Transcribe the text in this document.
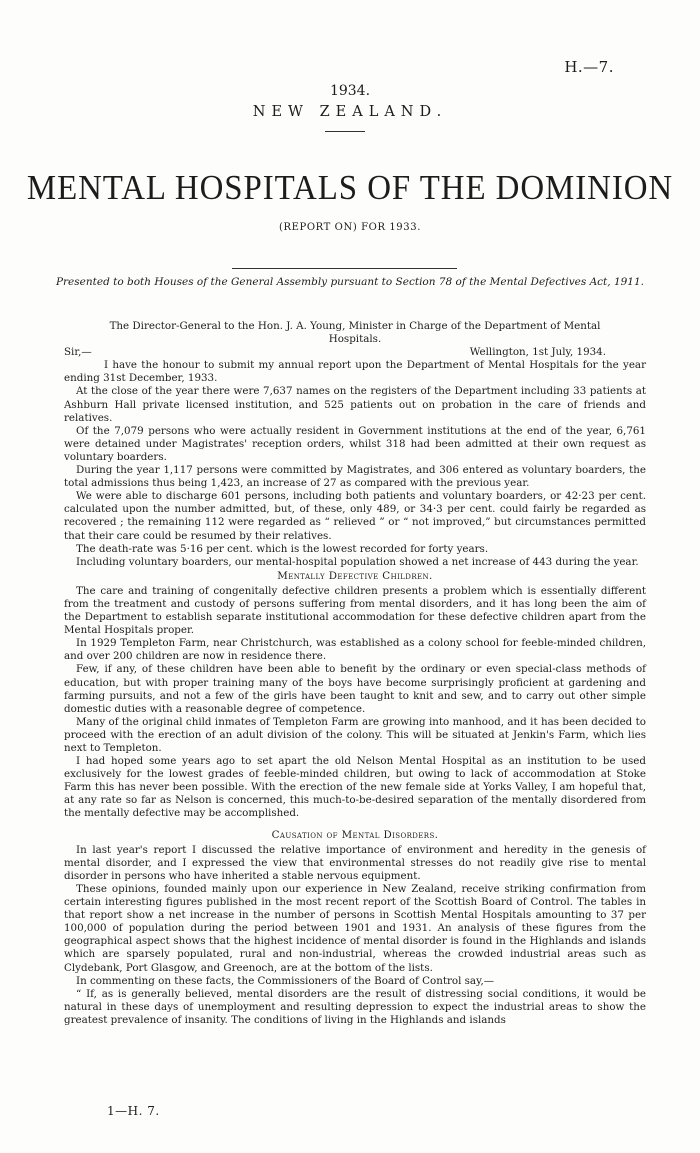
H.—7.
1934.
NEW ZEALAND.
MENTAL HOSPITALS OF THE DOMINION
(REPORT ON) FOR 1933.
Presented to both Houses of the General Assembly pursuant to Section 78 of the Mental Defectives Act, 1911.
The Director-General to the Hon. J. A. Young, Minister in Charge of the Department of Mental
Hospitals.
Sir,—	Wellington, 1st July, 1934.

I have the honour to submit my annual report upon the Department of Mental Hospitals for the year ending 31st December, 1933.

At the close of the year there were 7,637 names on the registers of the Department including 33 patients at Ashburn Hall private licensed institution, and 525 patients out on probation in the care of friends and relatives.

Of the 7,079 persons who were actually resident in Government institutions at the end of the year, 6,761 were detained under Magistrates' reception orders, whilst 318 had been admitted at their own request as voluntary boarders.

During the year 1,117 persons were committed by Magistrates, and 306 entered as voluntary boarders, the total admissions thus being 1,423, an increase of 27 as compared with the previous year.

We were able to discharge 601 persons, including both patients and voluntary boarders, or 42·23 per cent. calculated upon the number admitted, but, of these, only 489, or 34·3 per cent. could fairly be regarded as recovered ; the remaining 112 were regarded as “ relieved ” or “ not improved,” but circumstances permitted that their care could be resumed by their relatives.

The death-rate was 5·16 per cent. which is the lowest recorded for forty years.

Including voluntary boarders, our mental-hospital population showed a net increase of 443 during the year.

Mentally Defective Children.

The care and training of congenitally defective children presents a problem which is essentially different from the treatment and custody of persons suffering from mental disorders, and it has long been the aim of the Department to establish separate institutional accommodation for these defective children apart from the Mental Hospitals proper.

In 1929 Templeton Farm, near Christchurch, was established as a colony school for feeble-minded children, and over 200 children are now in residence there.

Few, if any, of these children have been able to benefit by the ordinary or even special-class methods of education, but with proper training many of the boys have become surprisingly proficient at gardening and farming pursuits, and not a few of the girls have been taught to knit and sew, and to carry out other simple domestic duties with a reasonable degree of competence.

Many of the original child inmates of Templeton Farm are growing into manhood, and it has been decided to proceed with the erection of an adult division of the colony. This will be situated at Jenkin's Farm, which lies next to Templeton.

I had hoped some years ago to set apart the old Nelson Mental Hospital as an institution to be used exclusively for the lowest grades of feeble-minded children, but owing to lack of accommodation at Stoke Farm this has never been possible. With the erection of the new female side at Yorks Valley, I am hopeful that, at any rate so far as Nelson is concerned, this much-to-be-desired separation of the mentally disordered from the mentally defective may be accomplished.

Causation of Mental Disorders.

In last year's report I discussed the relative importance of environment and heredity in the genesis of mental disorder, and I expressed the view that environmental stresses do not readily give rise to mental disorder in persons who have inherited a stable nervous equipment.

These opinions, founded mainly upon our experience in New Zealand, receive striking confirmation from certain interesting figures published in the most recent report of the Scottish Board of Control. The tables in that report show a net increase in the number of persons in Scottish Mental Hospitals amounting to 37 per 100,000 of population during the period between 1901 and 1931. An analysis of these figures from the geographical aspect shows that the highest incidence of mental disorder is found in the Highlands and islands which are sparsely populated, rural and non-industrial, whereas the crowded industrial areas such as Clydebank, Port Glasgow, and Greenoch, are at the bottom of the lists.

In commenting on these facts, the Commissioners of the Board of Control say,—

“ If, as is generally believed, mental disorders are the result of distressing social conditions, it would be natural in these days of unemployment and resulting depression to expect the industrial areas to show the greatest prevalence of insanity. The conditions of living in the Highlands and islands

1—H. 7.
